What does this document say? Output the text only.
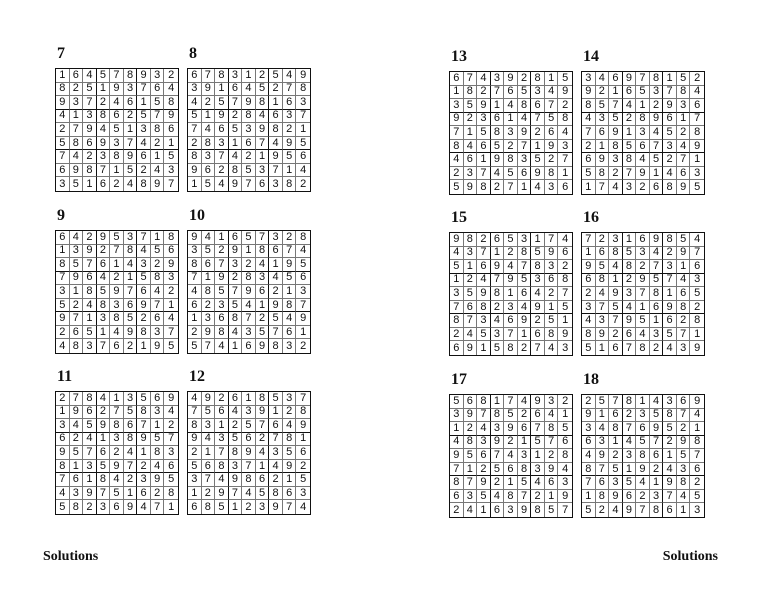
7
1 6 4 5 7 8 9 3 2
8 2 5 1 9 3 7 6 4
9 3 7 2 4 6 1 5 8
4 1 3 8 6 2 5 7 9
2 7 9 4 5 1 3 8 6
5 8 6 9 3 7 4 2 1
7 4 2 3 8 9 6 1 5
6 9 8 7 1 5 2 4 3
3 5 1 6 2 4 8 9 7
8
6 7 8 3 1 2 5 4 9
3 9 1 6 4 5 2 7 8
4 2 5 7 9 8 1 6 3
5 1 9 2 8 4 6 3 7
7 4 6 5 3 9 8 2 1
2 8 3 1 6 7 4 9 5
8 3 7 4 2 1 9 5 6
9 6 2 8 5 3 7 1 4
1 5 4 9 7 6 3 8 2
9
6 4 2 9 5 3 7 1 8
1 3 9 2 7 8 4 5 6
8 5 7 6 1 4 3 2 9
7 9 6 4 2 1 5 8 3
3 1 8 5 9 7 6 4 2
5 2 4 8 3 6 9 7 1
9 7 1 3 8 5 2 6 4
2 6 5 1 4 9 8 3 7
4 8 3 7 6 2 1 9 5
10
9 4 1 6 5 7 3 2 8
3 5 2 9 1 8 6 7 4
8 6 7 3 2 4 1 9 5
7 1 9 2 8 3 4 5 6
4 8 5 7 9 6 2 1 3
6 2 3 5 4 1 9 8 7
1 3 6 8 7 2 5 4 9
2 9 8 4 3 5 7 6 1
5 7 4 1 6 9 8 3 2
11
2 7 8 4 1 3 5 6 9
1 9 6 2 7 5 8 3 4
3 4 5 9 8 6 7 1 2
6 2 4 1 3 8 9 5 7
9 5 7 6 2 4 1 8 3
8 1 3 5 9 7 2 4 6
7 6 1 8 4 2 3 9 5
4 3 9 7 5 1 6 2 8
5 8 2 3 6 9 4 7 1
12
4 9 2 6 1 8 5 3 7
7 5 6 4 3 9 1 2 8
8 3 1 2 5 7 6 4 9
9 4 3 5 6 2 7 8 1
2 1 7 8 9 4 3 5 6
5 6 8 3 7 1 4 9 2
3 7 4 9 8 6 2 1 5
1 2 9 7 4 5 8 6 3
6 8 5 1 2 3 9 7 4
13
6 7 4 3 9 2 8 1 5
1 8 2 7 6 5 3 4 9
3 5 9 1 4 8 6 7 2
9 2 3 6 1 4 7 5 8
7 1 5 8 3 9 2 6 4
8 4 6 5 2 7 1 9 3
4 6 1 9 8 3 5 2 7
2 3 7 4 5 6 9 8 1
5 9 8 2 7 1 4 3 6
14
3 4 6 9 7 8 1 5 2
9 2 1 6 5 3 7 8 4
8 5 7 4 1 2 9 3 6
4 3 5 2 8 9 6 1 7
7 6 9 1 3 4 5 2 8
2 1 8 5 6 7 3 4 9
6 9 3 8 4 5 2 7 1
5 8 2 7 9 1 4 6 3
1 7 4 3 2 6 8 9 5
15
9 8 2 6 5 3 1 7 4
4 3 7 1 2 8 5 9 6
5 1 6 9 4 7 8 3 2
1 2 4 7 9 5 3 6 8
3 5 9 8 1 6 4 2 7
7 6 8 2 3 4 9 1 5
8 7 3 4 6 9 2 5 1
2 4 5 3 7 1 6 8 9
6 9 1 5 8 2 7 4 3
16
7 2 3 1 6 9 8 5 4
1 6 8 5 3 4 2 9 7
9 5 4 8 2 7 3 1 6
6 8 1 2 9 5 7 4 3
2 4 9 3 7 8 1 6 5
3 7 5 4 1 6 9 8 2
4 3 7 9 5 1 6 2 8
8 9 2 6 4 3 5 7 1
5 1 6 7 8 2 4 3 9
17
5 6 8 1 7 4 9 3 2
3 9 7 8 5 2 6 4 1
1 2 4 3 9 6 7 8 5
4 8 3 9 2 1 5 7 6
9 5 6 7 4 3 1 2 8
7 1 2 5 6 8 3 9 4
8 7 9 2 1 5 4 6 3
6 3 5 4 8 7 2 1 9
2 4 1 6 3 9 8 5 7
18
2 5 7 8 1 4 3 6 9
9 1 6 2 3 5 8 7 4
3 4 8 7 6 9 5 2 1
6 3 1 4 5 7 2 9 8
4 9 2 3 8 6 1 5 7
8 7 5 1 9 2 4 3 6
7 6 3 5 4 1 9 8 2
1 8 9 6 2 3 7 4 5
5 2 4 9 7 8 6 1 3
Solutions	Solutions
